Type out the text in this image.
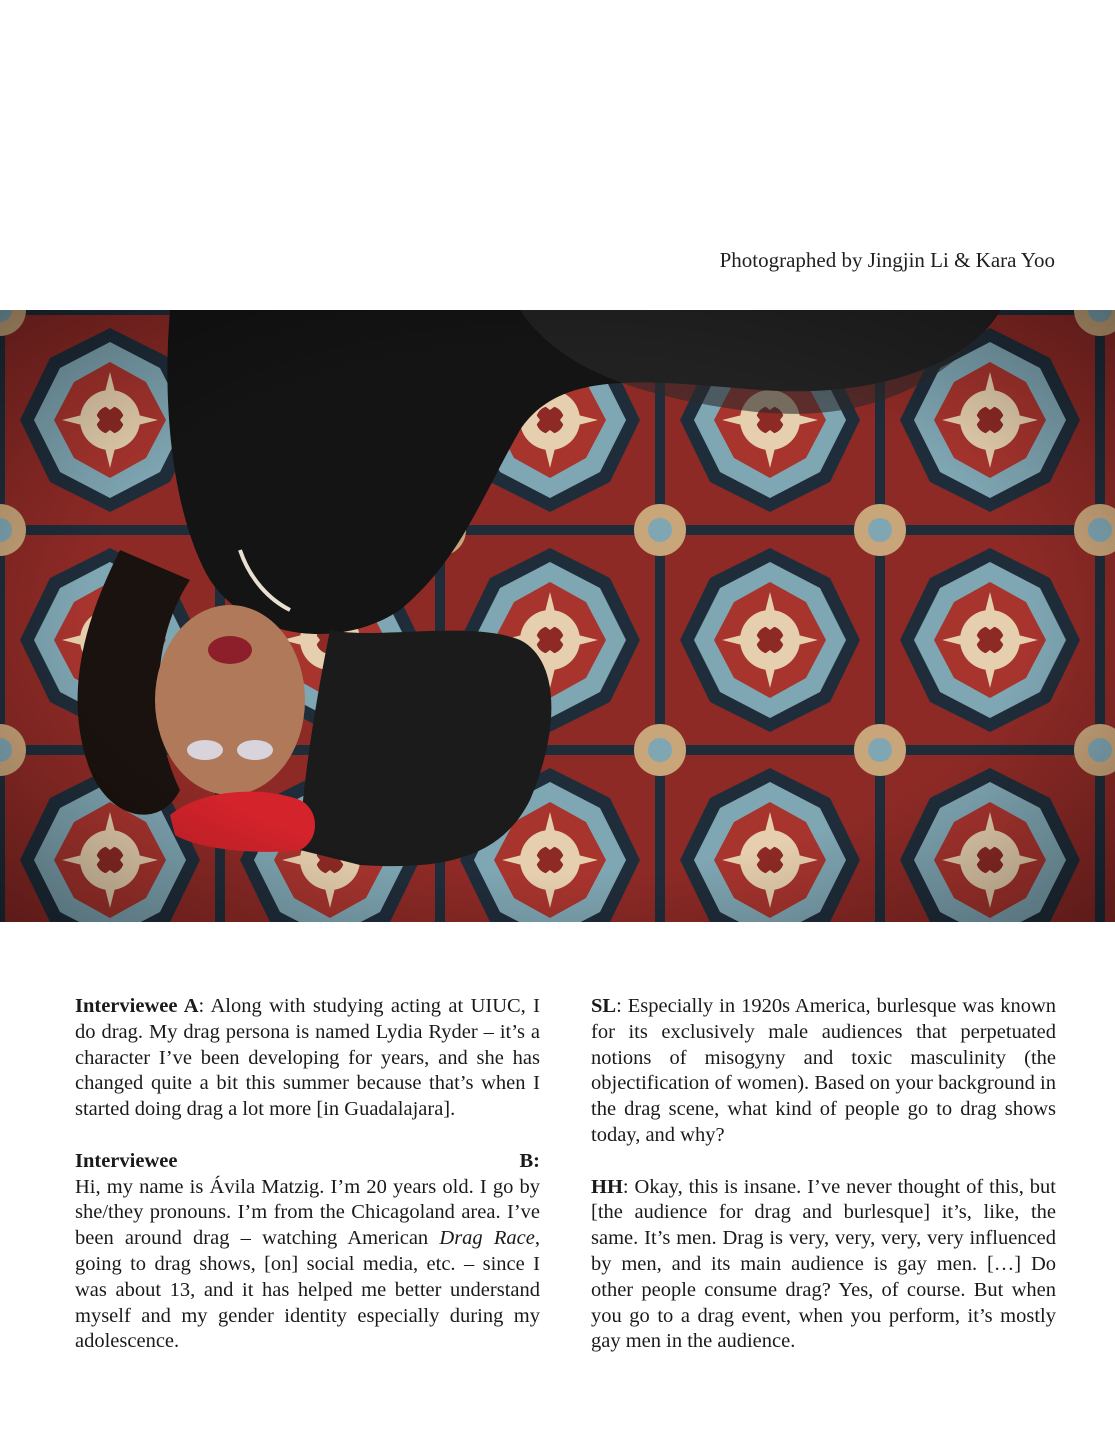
Photographed by Jingjin Li & Kara Yoo

Interviewee A: Along with studying acting at UIUC, I do drag. My drag persona is named Lydia Ryder – it’s a character I’ve been developing for years, and she has changed quite a bit this summer because that’s when I started doing drag a lot more [in Guadalajara].

Interviewee	B:

Hi, my name is Ávila Matzig. I’m 20 years old. I go by she/they pronouns. I’m from the Chicagoland area. I’ve been around drag – watching American Drag Race, going to drag shows, [on] social media, etc. – since I was about 13, and it has helped me better understand myself and my gender identity especially during my adolescence.

SL: Especially in 1920s America, burlesque was known for its exclusively male audiences that perpetuated notions of misogyny and toxic masculinity (the objectification of women). Based on your background in the drag scene, what kind of people go to drag shows today, and why?

HH: Okay, this is insane. I’ve never thought of this, but [the audience for drag and burlesque] it’s, like, the same. It’s men. Drag is very, very, very, very influenced by men, and its main audience is gay men. […] Do other people consume drag? Yes, of course. But when you go to a drag event, when you perform, it’s mostly gay men in the audience.
